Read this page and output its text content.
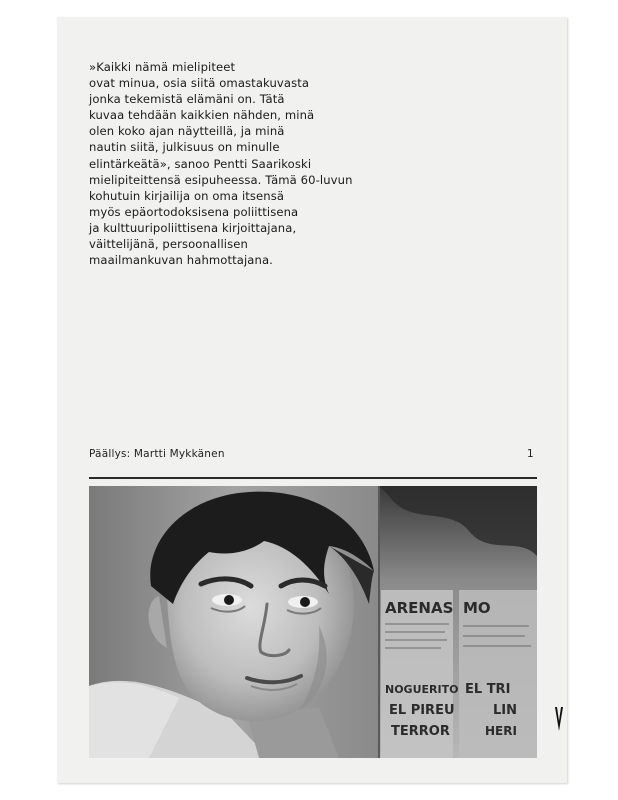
»Kaikki nämä mielipiteet
ovat minua, osia siitä omastakuvasta
jonka tekemistä elämäni on. Tätä
kuvaa tehdään kaikkien nähden, minä
olen koko ajan näytteillä, ja minä
nautin siitä, julkisuus on minulle
elintärkeätä», sanoo Pentti Saarikoski
mielipiteittensä esipuheessa. Tämä 60-luvun
kohutuin kirjailija on oma itsensä
myös epäortodoksisena poliittisena
ja kulttuuripoliittisena kirjoittajana,
väittelijänä, persoonallisen
maailmankuvan hahmottajana.
Päällys: Martti Mykkänen	1
ARENAS MO
NOGUERITO
EL PIREU
TERROR
EL TRI
LIN
HERI
